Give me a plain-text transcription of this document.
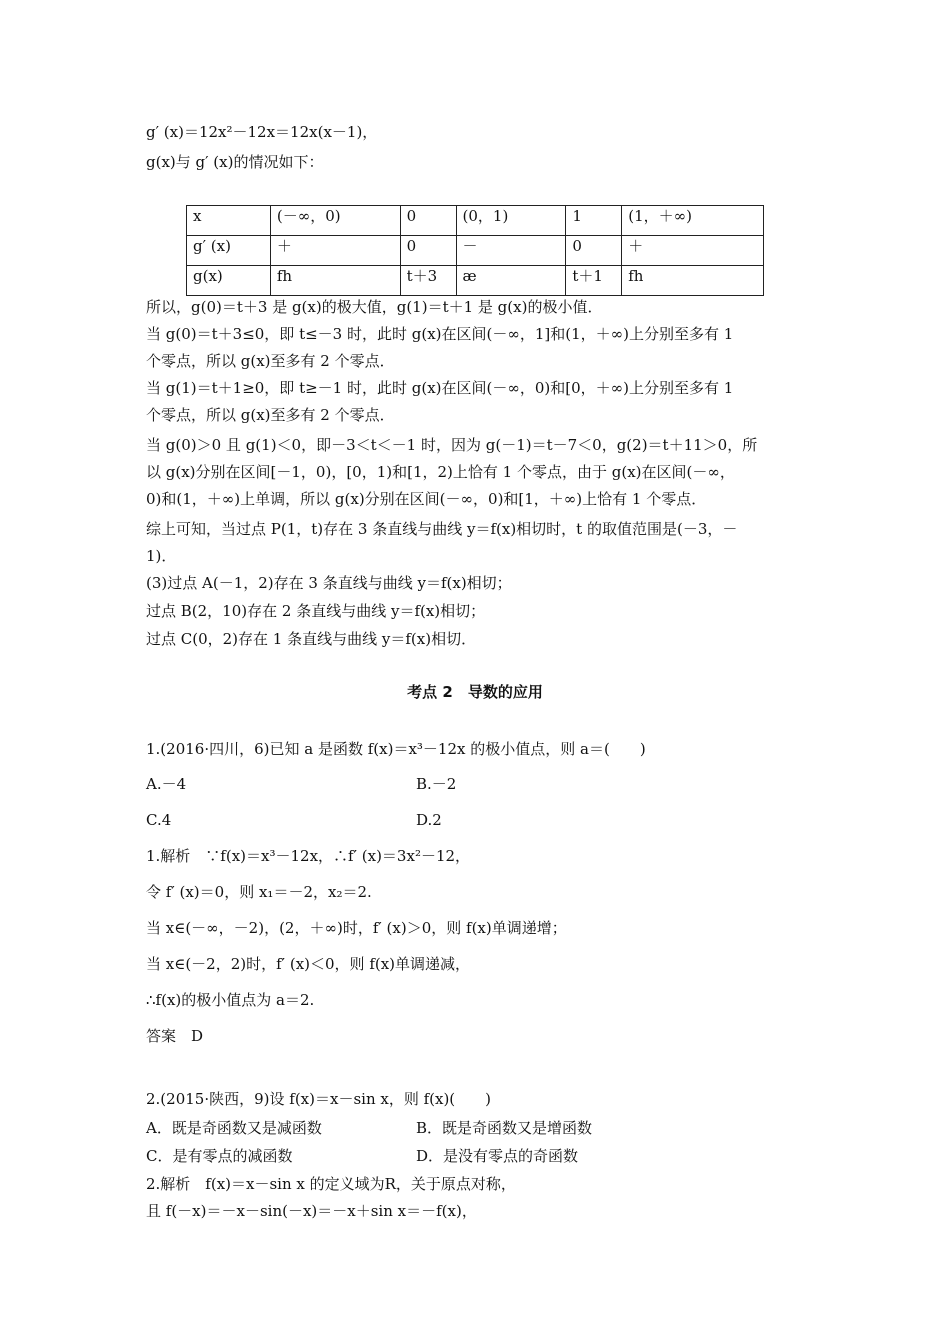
g′ (x)＝12x²－12x＝12x(x－1)，
g(x)与 g′ (x)的情况如下：
x	(－∞，0)	0	(0，1)	1	(1，＋∞)
g′ (x)	＋	0	－	0	＋
g(x)	fh	t＋3	æ	t＋1	fh
所以，g(0)＝t＋3 是 g(x)的极大值，g(1)＝t＋1 是 g(x)的极小值．
当 g(0)＝t＋3≤0，即 t≤－3 时，此时 g(x)在区间(－∞，1]和(1，＋∞)上分别至多有 1
个零点，所以 g(x)至多有 2 个零点．
当 g(1)＝t＋1≥0，即 t≥－1 时，此时 g(x)在区间(－∞，0)和[0，＋∞)上分别至多有 1
个零点，所以 g(x)至多有 2 个零点．
当 g(0)＞0 且 g(1)＜0，即－3＜t＜－1 时，因为 g(－1)＝t－7＜0，g(2)＝t＋11＞0，所
以 g(x)分别在区间[－1，0)，[0，1)和[1，2)上恰有 1 个零点，由于 g(x)在区间(－∞，
0)和(1，＋∞)上单调，所以 g(x)分别在区间(－∞，0)和[1，＋∞)上恰有 1 个零点．
综上可知，当过点 P(1，t)存在 3 条直线与曲线 y＝f(x)相切时，t 的取值范围是(－3，－
1)．
(3)过点 A(－1，2)存在 3 条直线与曲线 y＝f(x)相切；
过点 B(2，10)存在 2 条直线与曲线 y＝f(x)相切；
过点 C(0，2)存在 1 条直线与曲线 y＝f(x)相切．
考点 2　导数的应用
1.(2016·四川，6)已知 a 是函数 f(x)＝x³－12x 的极小值点，则 a＝(　　)
A.－4	B.－2
C.4	D.2
1.解析　∵f(x)＝x³－12x，∴f′ (x)＝3x²－12，
令 f′ (x)＝0，则 x₁＝－2，x₂＝2.
当 x∈(－∞，－2)，(2，＋∞)时，f′ (x)＞0，则 f(x)单调递增；
当 x∈(－2，2)时，f′ (x)＜0，则 f(x)单调递减，
∴f(x)的极小值点为 a＝2.
答案　D
2.(2015·陕西，9)设 f(x)＝x－sin x，则 f(x)(　　)
A．既是奇函数又是减函数	B．既是奇函数又是增函数
C．是有零点的减函数	D．是没有零点的奇函数
2.解析　f(x)＝x－sin x 的定义域为R，关于原点对称，
且 f(－x)＝－x－sin(－x)＝－x＋sin x＝－f(x)，
